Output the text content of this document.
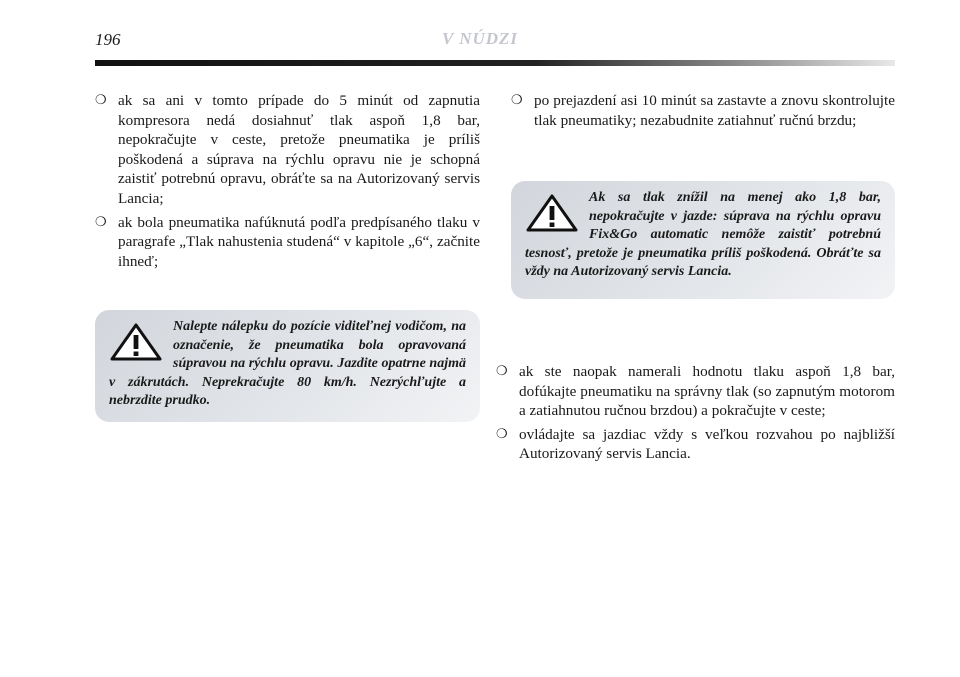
196	V NÚDZI
❍ ak sa ani v tomto prípade do 5 minút od zapnutia kompresora nedá dosiahnuť tlak aspoň 1,8 bar, nepokračujte v ceste, pretože pneumatika je príliš poškodená a súprava na rýchlu opravu nie je schopná zaistiť potrebnú opravu, obráťte sa na Autorizovaný servis Lancia;
❍ ak bola pneumatika nafúknutá podľa predpísaného tlaku v paragrafe „Tlak nahustenia studená“ v kapitole „6“, začnite ihneď;
Nalepte nálepku do pozície viditeľnej vodičom, na označenie, že pneumatika bola opravovaná súpravou na rýchlu opravu. Jazdite opatrne najmä v zákrutách. Neprekračujte 80 km/h. Nezrýchľujte a nebrzdite prudko.
❍ po prejazdení asi 10 minút sa zastavte a znovu skontrolujte tlak pneumatiky; nezabudnite zatiahnuť ručnú brzdu;
Ak sa tlak znížil na menej ako 1,8 bar, nepokračujte v jazde: súprava na rýchlu opravu Fix&Go automatic nemôže zaistiť potrebnú tesnosť, pretože je pneumatika príliš poškodená. Obráťte sa vždy na Autorizovaný servis Lancia.
❍ ak ste naopak namerali hodnotu tlaku aspoň 1,8 bar, dofúkajte pneumatiku na správny tlak (so zapnutým motorom a zatiahnutou ručnou brzdou) a pokračujte v ceste;
❍ ovládajte sa jazdiac vždy s veľkou rozvahou po najbližší Autorizovaný servis Lancia.
